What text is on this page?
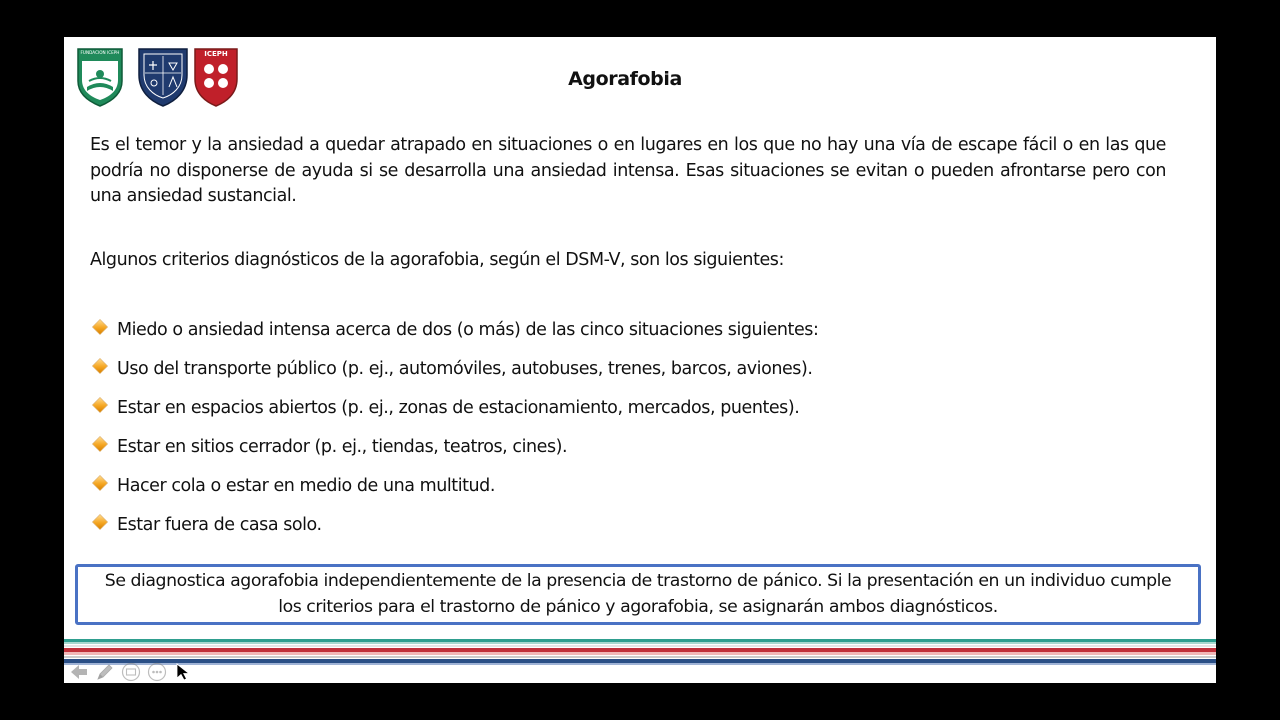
FUNDACION ICEPH	ICEPH
Agorafobia

Es el temor y la ansiedad a quedar atrapado en situaciones o en lugares en los que no hay una vía de escape fácil o en las que podría no disponerse de ayuda si se desarrolla una ansiedad intensa. Esas situaciones se evitan o pueden afrontarse pero con una ansiedad sustancial.

Algunos criterios diagnósticos de la agorafobia, según el DSM-V, son los siguientes:

Miedo o ansiedad intensa acerca de dos (o más) de las cinco situaciones siguientes:
Uso del transporte público (p. ej., automóviles, autobuses, trenes, barcos, aviones).
Estar en espacios abiertos (p. ej., zonas de estacionamiento, mercados, puentes).
Estar en sitios cerrador (p. ej., tiendas, teatros, cines).
Hacer cola o estar en medio de una multitud.
Estar fuera de casa solo.
Se diagnostica agorafobia independientemente de la presencia de trastorno de pánico. Si la presentación en un individuo cumple los criterios para el trastorno de pánico y agorafobia, se asignarán ambos diagnósticos.
